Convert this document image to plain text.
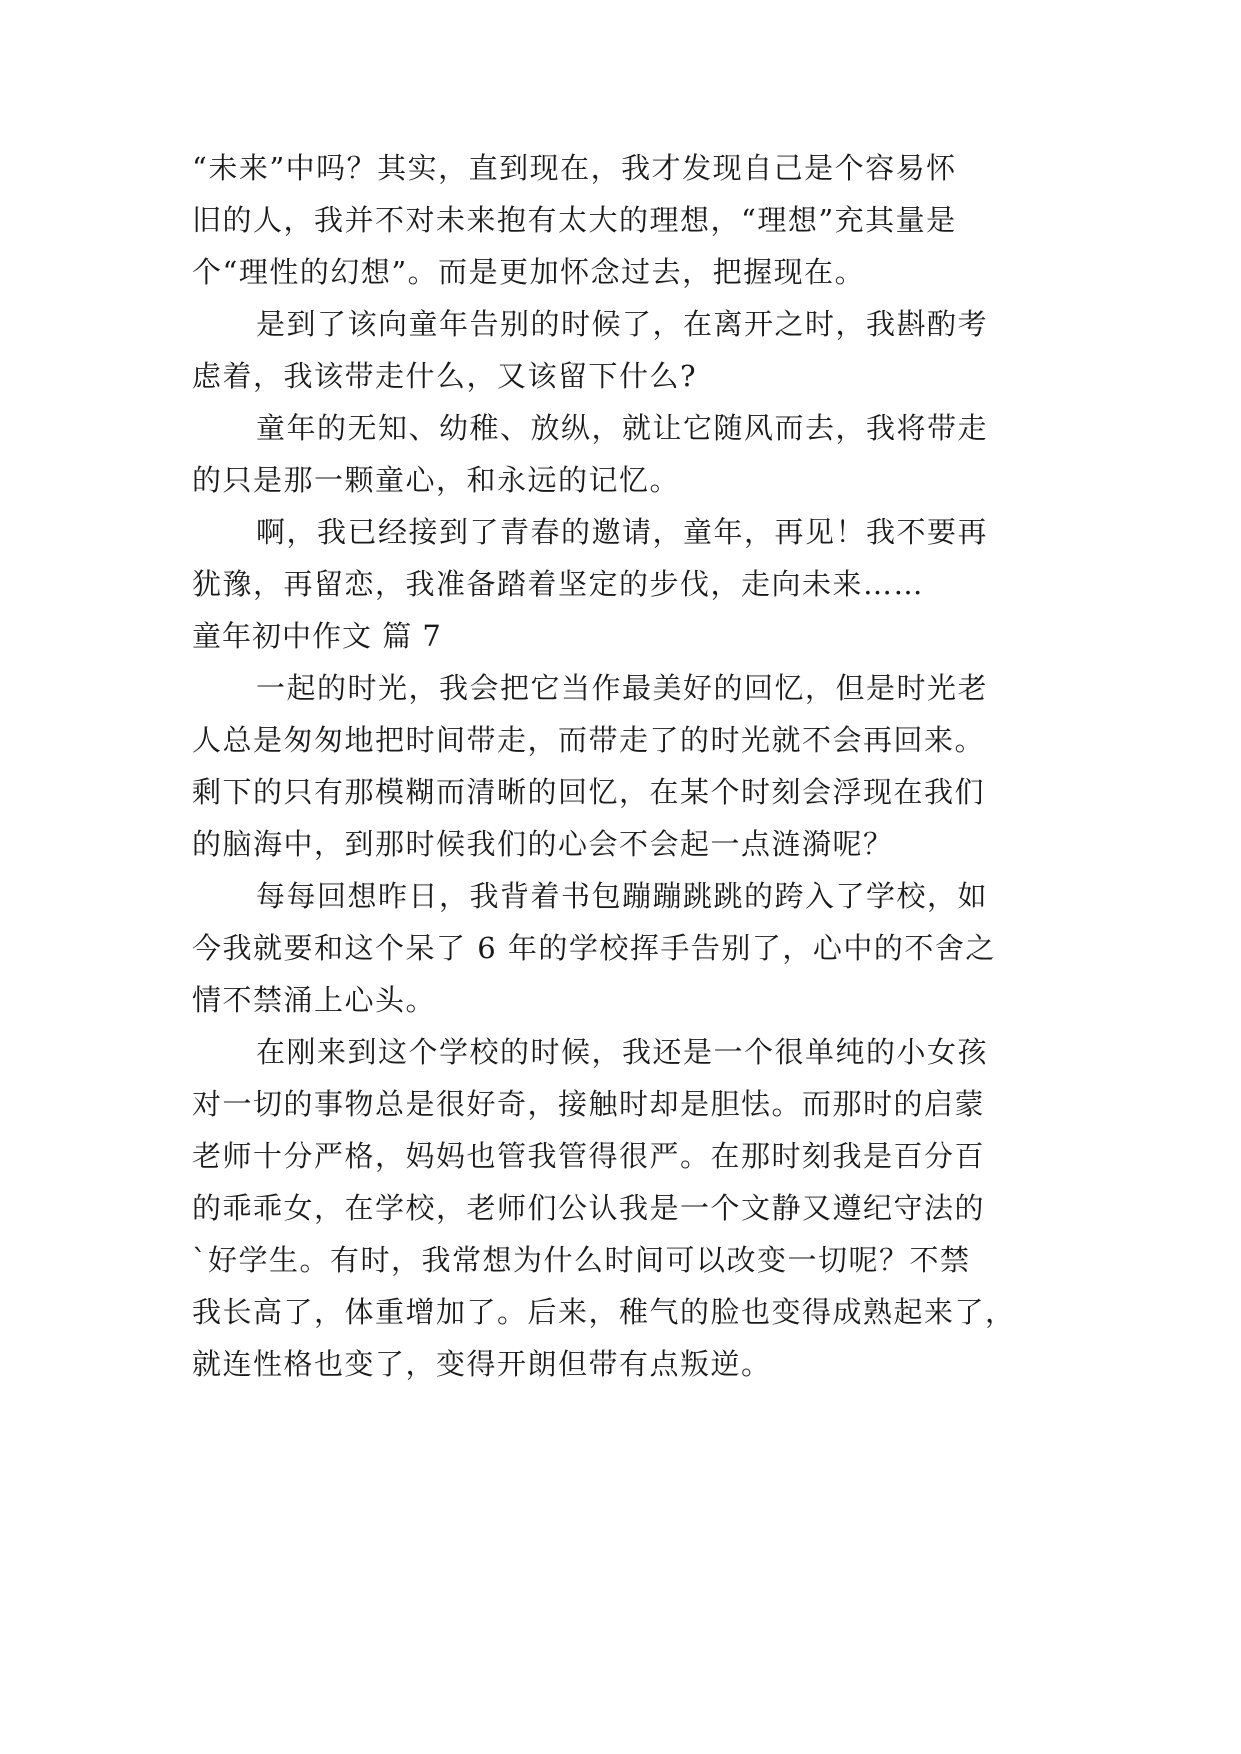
“未来”中吗？其实，直到现在，我才发现自己是个容易怀
旧的人，我并不对未来抱有太大的理想，“理想”充其量是
个“理性的幻想”。而是更加怀念过去，把握现在。
是到了该向童年告别的时候了，在离开之时，我斟酌考
虑着，我该带走什么，又该留下什么?
童年的无知、幼稚、放纵，就让它随风而去，我将带走
的只是那一颗童心，和永远的记忆。
啊，我已经接到了青春的邀请，童年，再见！我不要再
犹豫，再留恋，我准备踏着坚定的步伐，走向未来……
童年初中作文 篇 7
一起的时光，我会把它当作最美好的回忆，但是时光老
人总是匆匆地把时间带走，而带走了的时光就不会再回来。
剩下的只有那模糊而清晰的回忆，在某个时刻会浮现在我们
的脑海中，到那时候我们的心会不会起一点涟漪呢？
每每回想昨日，我背着书包蹦蹦跳跳的跨入了学校，如
今我就要和这个呆了 6 年的学校挥手告别了，心中的不舍之
情不禁涌上心头。
在刚来到这个学校的时候，我还是一个很单纯的小女孩
对一切的事物总是很好奇，接触时却是胆怯。而那时的启蒙
老师十分严格，妈妈也管我管得很严。在那时刻我是百分百
的乖乖女，在学校，老师们公认我是一个文静又遵纪守法的
`好学生。有时，我常想为什么时间可以改变一切呢？不禁
我长高了，体重增加了。后来，稚气的脸也变得成熟起来了，
就连性格也变了，变得开朗但带有点叛逆。
